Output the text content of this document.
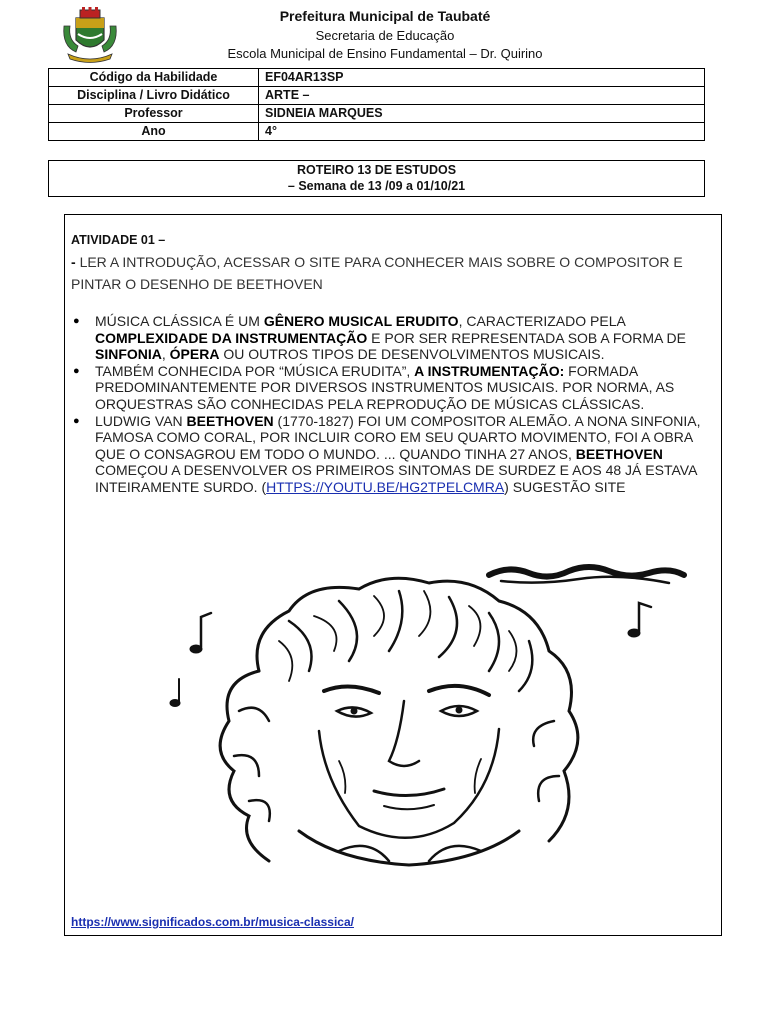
Prefeitura Municipal de Taubaté
Secretaria de Educação
Escola Municipal de Ensino Fundamental – Dr. Quirino
Código da Habilidade	EF04AR13SP
Disciplina / Livro Didático	ARTE –
Professor	SIDNEIA MARQUES
Ano	4°
ROTEIRO 13 DE ESTUDOS
– Semana de 13 /09 a 01/10/21
ATIVIDADE 01 –
- LER A INTRODUÇÃO, ACESSAR O SITE PARA CONHECER MAIS SOBRE O COMPOSITOR E PINTAR O DESENHO DE BEETHOVEN
● MÚSICA CLÁSSICA É UM GÊNERO MUSICAL ERUDITO, CARACTERIZADO PELA COMPLEXIDADE DA INSTRUMENTAÇÃO E POR SER REPRESENTADA SOB A FORMA DE SINFONIA, ÓPERA OU OUTROS TIPOS DE DESENVOLVIMENTOS MUSICAIS.
● TAMBÉM CONHECIDA POR “MÚSICA ERUDITA”, A INSTRUMENTAÇÃO: FORMADA PREDOMINANTEMENTE POR DIVERSOS INSTRUMENTOS MUSICAIS. POR NORMA, AS ORQUESTRAS SÃO CONHECIDAS PELA REPRODUÇÃO DE MÚSICAS CLÁSSICAS.
● LUDWIG VAN BEETHOVEN (1770-1827) FOI UM COMPOSITOR ALEMÃO. A NONA SINFONIA, FAMOSA COMO CORAL, POR INCLUIR CORO EM SEU QUARTO MOVIMENTO, FOI A OBRA QUE O CONSAGROU EM TODO O MUNDO. ... QUANDO TINHA 27 ANOS, BEETHOVEN COMEÇOU A DESENVOLVER OS PRIMEIROS SINTOMAS DE SURDEZ E AOS 48 JÁ ESTAVA INTEIRAMENTE SURDO. (HTTPS://YOUTU.BE/HG2TPELCMRA) SUGESTÃO SITE
https://www.significados.com.br/musica-classica/
